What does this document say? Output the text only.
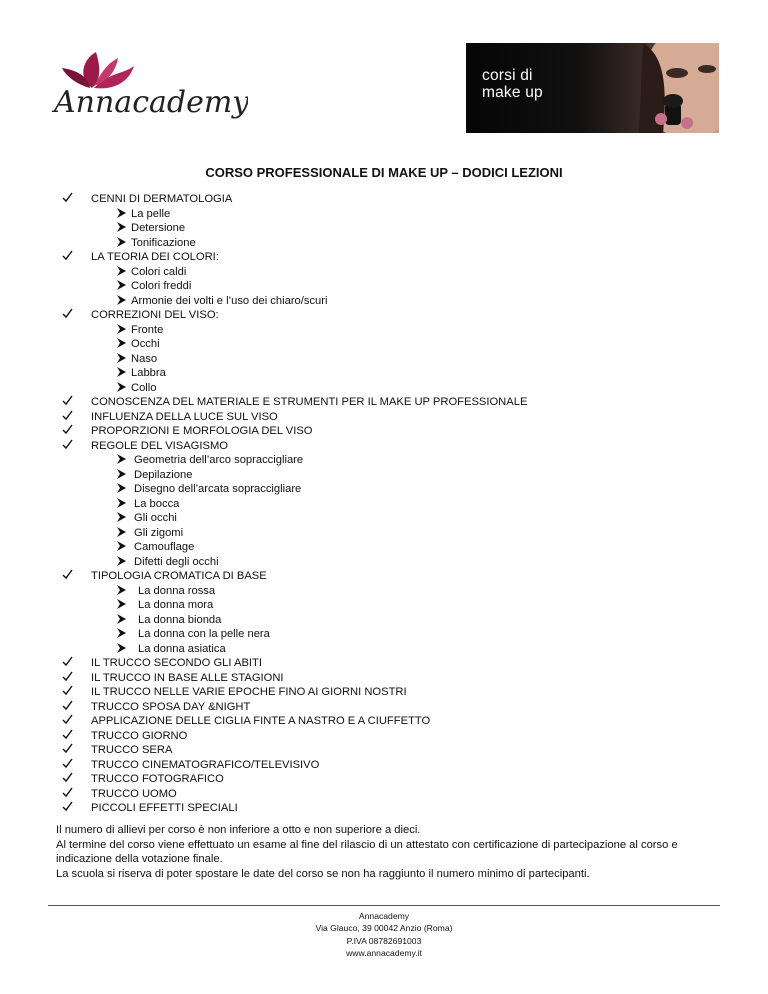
Annacademy
corsi di
make up
CORSO PROFESSIONALE DI MAKE UP – DODICI LEZIONI
CENNI DI DERMATOLOGIA
La pelle
Detersione
Tonificazione
LA TEORIA DEI COLORI:
Colori caldi
Colori freddi
Armonie dei volti e l’uso dei chiaro/scuri
CORREZIONI DEL VISO:
Fronte
Occhi
Naso
Labbra
Collo
CONOSCENZA DEL MATERIALE E STRUMENTI PER IL MAKE UP PROFESSIONALE
INFLUENZA DELLA LUCE SUL VISO
PROPORZIONI E MORFOLOGIA DEL VISO
REGOLE DEL VISAGISMO
Geometria dell’arco sopraccigliare
Depilazione
Disegno dell’arcata sopraccigliare
La bocca
Gli occhi
Gli zigomi
Camouflage
Difetti degli occhi
TIPOLOGIA CROMATICA DI BASE
La donna rossa
La donna mora
La donna bionda
La donna con la pelle nera
La donna asiatica
IL TRUCCO SECONDO GLI ABITI
IL TRUCCO IN BASE ALLE STAGIONI
IL TRUCCO NELLE VARIE EPOCHE FINO AI GIORNI NOSTRI
TRUCCO SPOSA DAY &NIGHT
APPLICAZIONE DELLE CIGLIA FINTE A NASTRO E A CIUFFETTO
TRUCCO GIORNO
TRUCCO SERA
TRUCCO CINEMATOGRAFICO/TELEVISIVO
TRUCCO FOTOGRAFICO
TRUCCO UOMO
PICCOLI EFFETTI SPECIALI

Il numero di allievi per corso è non inferiore a otto e non superiore a dieci.

Al termine del corso viene effettuato un esame al fine del rilascio di un attestato con certificazione di partecipazione al corso e indicazione della votazione finale.

La scuola si riserva di poter spostare le date del corso se non ha raggiunto il numero minimo di partecipanti.

Annacademy
Via Glauco, 39 00042 Anzio (Roma)
P.IVA 08782691003
www.annacademy.it
